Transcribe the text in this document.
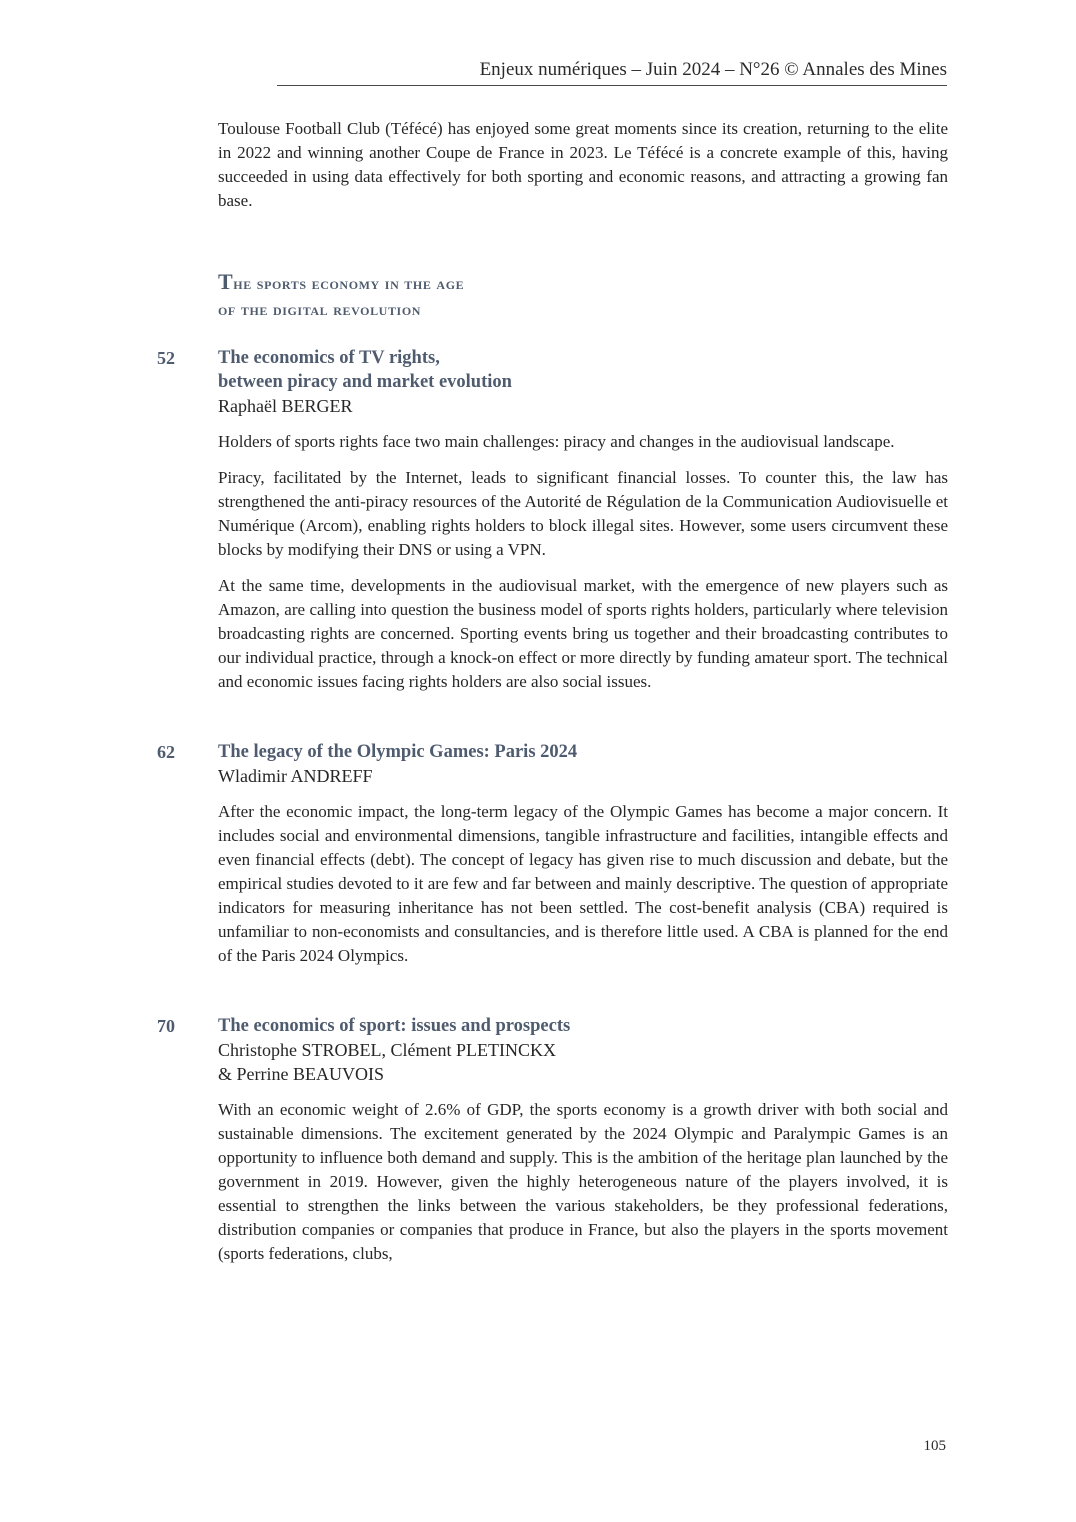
Enjeux numériques – Juin 2024 – N°26 © Annales des Mines

Toulouse Football Club (Téfécé) has enjoyed some great moments since its creation, returning to the elite in 2022 and winning another Coupe de France in 2023. Le Téfécé is a concrete example of this, having succeeded in using data effectively for both sporting and economic reasons, and attracting a growing fan base.

The sports economy in the age
of the digital revolution
52 The economics of TV rights,
between piracy and market evolution
Raphaël BERGER

Holders of sports rights face two main challenges: piracy and changes in the audiovisual landscape.

Piracy, facilitated by the Internet, leads to significant financial losses. To counter this, the law has strengthened the anti-piracy resources of the Autorité de Régulation de la Communication Audiovisuelle et Numérique (Arcom), enabling rights holders to block illegal sites. However, some users circumvent these blocks by modifying their DNS or using a VPN.

At the same time, developments in the audiovisual market, with the emergence of new players such as Amazon, are calling into question the business model of sports rights holders, particularly where television broadcasting rights are concerned. Sporting events bring us together and their broadcasting contributes to our individual practice, through a knock-on effect or more directly by funding amateur sport. The technical and economic issues facing rights holders are also social issues.

62 The legacy of the Olympic Games: Paris 2024
Wladimir ANDREFF

After the economic impact, the long-term legacy of the Olympic Games has become a major concern. It includes social and environmental dimensions, tangible infrastructure and facilities, intangible effects and even financial effects (debt). The concept of legacy has given rise to much discussion and debate, but the empirical studies devoted to it are few and far between and mainly descriptive. The question of appropriate indicators for measuring inheritance has not been settled. The cost-benefit analysis (CBA) required is unfamiliar to non-economists and consultancies, and is therefore little used. A CBA is planned for the end of the Paris 2024 Olympics.

70 The economics of sport: issues and prospects
Christophe STROBEL, Clément PLETINCKX
& Perrine BEAUVOIS

With an economic weight of 2.6% of GDP, the sports economy is a growth driver with both social and sustainable dimensions. The excitement generated by the 2024 Olympic and Paralympic Games is an opportunity to influence both demand and supply. This is the ambition of the heritage plan launched by the government in 2019. However, given the highly heterogeneous nature of the players involved, it is essential to strengthen the links between the various stakeholders, be they professional federations, distribution companies or companies that produce in France, but also the players in the sports movement (sports federations, clubs,

105
